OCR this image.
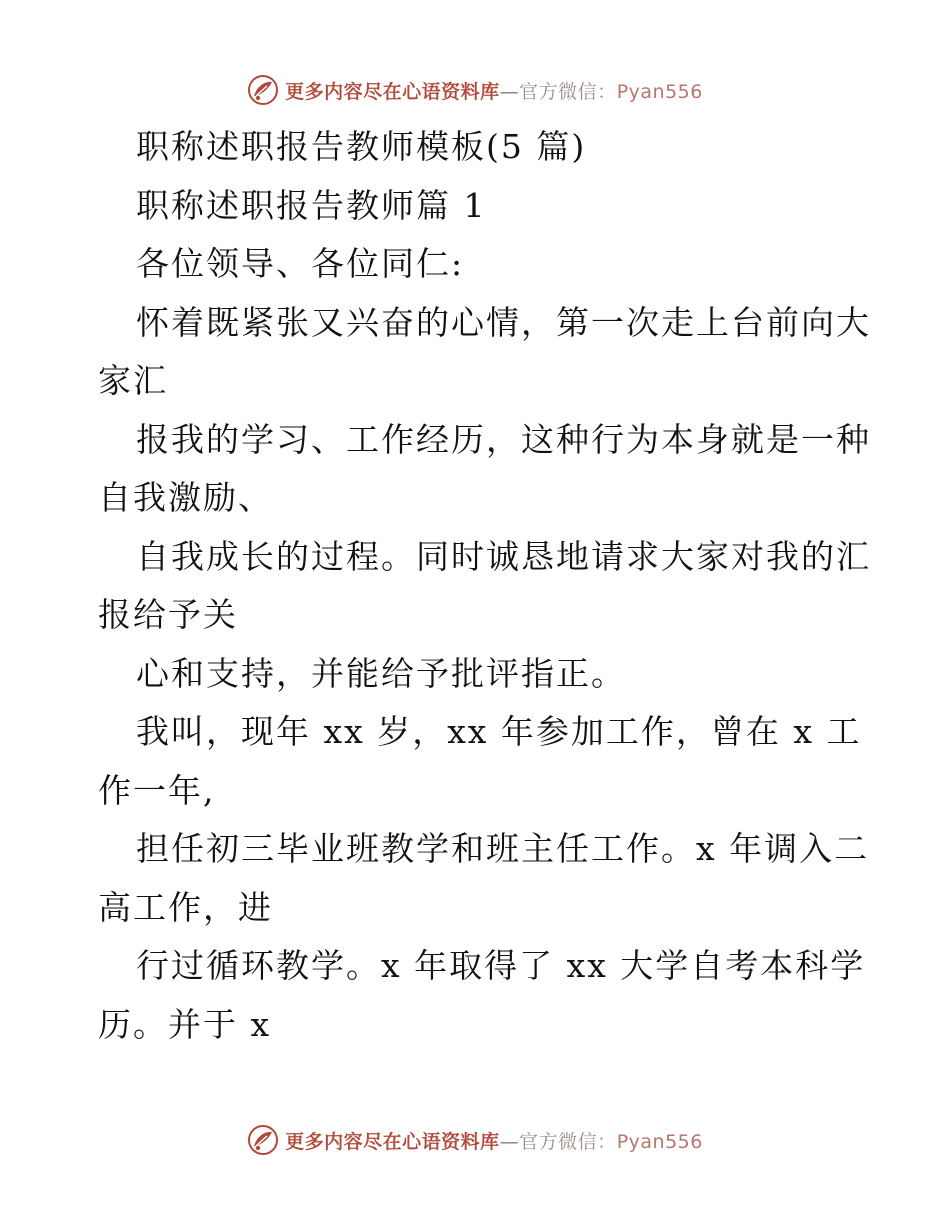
更多内容尽在心语资料库—官方微信：Pyan556
职称述职报告教师模板(5 篇)
职称述职报告教师篇 1
各位领导、各位同仁:
怀着既紧张又兴奋的心情，第一次走上台前向大
家汇
报我的学习、工作经历，这种行为本身就是一种
自我激励、
自我成长的过程。同时诚恳地请求大家对我的汇
报给予关
心和支持，并能给予批评指正。
我叫，现年 xx 岁，xx 年参加工作，曾在 x 工
作一年,
担任初三毕业班教学和班主任工作。x 年调入二
高工作，进
行过循环教学。x 年取得了 xx 大学自考本科学
历。并于 x
更多内容尽在心语资料库—官方微信：Pyan556
